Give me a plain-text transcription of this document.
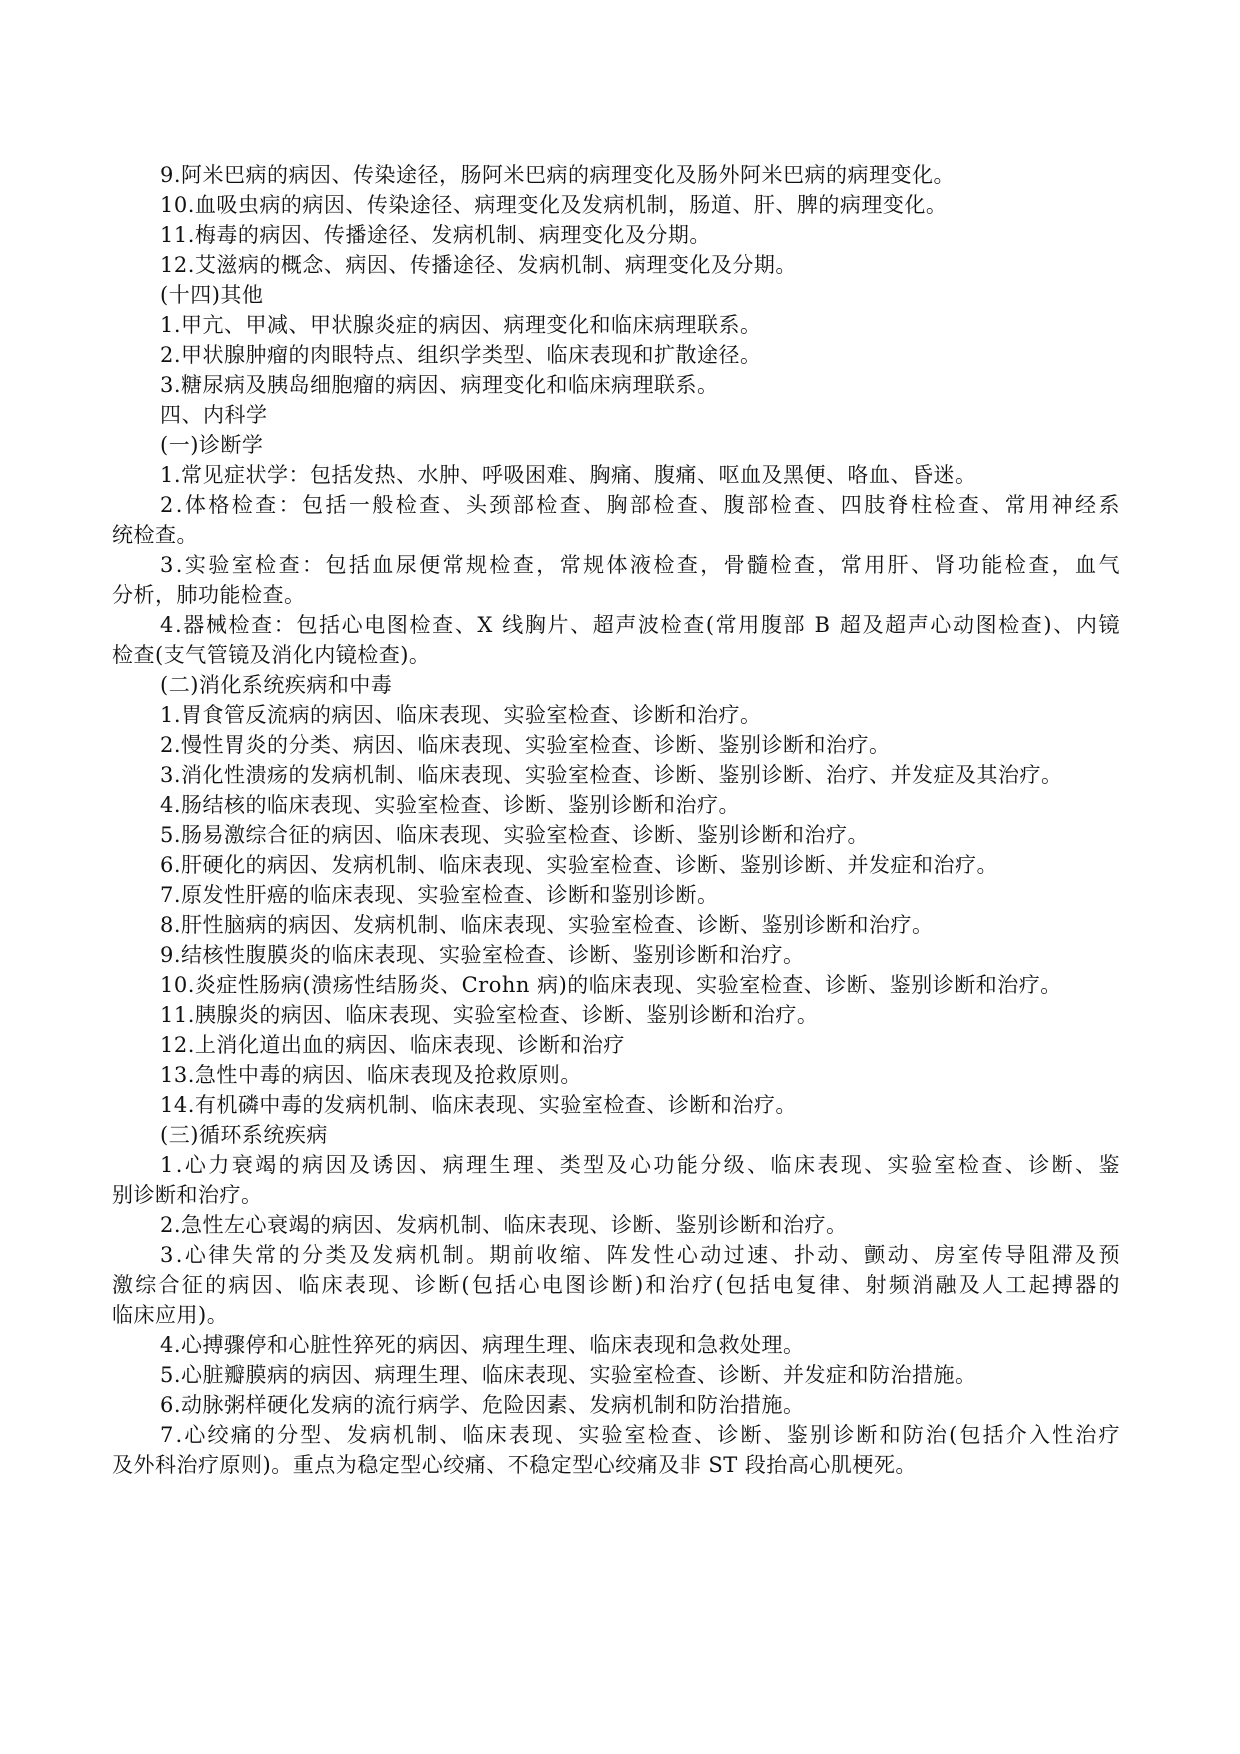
9.阿米巴病的病因、传染途径，肠阿米巴病的病理变化及肠外阿米巴病的病理变化。
10.血吸虫病的病因、传染途径、病理变化及发病机制，肠道、肝、脾的病理变化。
11.梅毒的病因、传播途径、发病机制、病理变化及分期。
12.艾滋病的概念、病因、传播途径、发病机制、病理变化及分期。
(十四)其他
1.甲亢、甲减、甲状腺炎症的病因、病理变化和临床病理联系。
2.甲状腺肿瘤的肉眼特点、组织学类型、临床表现和扩散途径。
3.糖尿病及胰岛细胞瘤的病因、病理变化和临床病理联系。
四、内科学
(一)诊断学
1.常见症状学：包括发热、水肿、呼吸困难、胸痛、腹痛、呕血及黑便、咯血、昏迷。
2.体格检查：包括一般检查、头颈部检查、胸部检查、腹部检查、四肢脊柱检查、常用神经系
统检查。
3.实验室检查：包括血尿便常规检查，常规体液检查，骨髓检查，常用肝、肾功能检查，血气
分析，肺功能检查。
4.器械检查：包括心电图检查、X 线胸片、超声波检查(常用腹部 B 超及超声心动图检查)、内镜
检查(支气管镜及消化内镜检查)。
(二)消化系统疾病和中毒
1.胃食管反流病的病因、临床表现、实验室检查、诊断和治疗。
2.慢性胃炎的分类、病因、临床表现、实验室检查、诊断、鉴别诊断和治疗。
3.消化性溃疡的发病机制、临床表现、实验室检查、诊断、鉴别诊断、治疗、并发症及其治疗。
4.肠结核的临床表现、实验室检查、诊断、鉴别诊断和治疗。
5.肠易激综合征的病因、临床表现、实验室检查、诊断、鉴别诊断和治疗。
6.肝硬化的病因、发病机制、临床表现、实验室检查、诊断、鉴别诊断、并发症和治疗。
7.原发性肝癌的临床表现、实验室检查、诊断和鉴别诊断。
8.肝性脑病的病因、发病机制、临床表现、实验室检查、诊断、鉴别诊断和治疗。
9.结核性腹膜炎的临床表现、实验室检查、诊断、鉴别诊断和治疗。
10.炎症性肠病(溃疡性结肠炎、Crohn 病)的临床表现、实验室检查、诊断、鉴别诊断和治疗。
11.胰腺炎的病因、临床表现、实验室检查、诊断、鉴别诊断和治疗。
12.上消化道出血的病因、临床表现、诊断和治疗
13.急性中毒的病因、临床表现及抢救原则。
14.有机磷中毒的发病机制、临床表现、实验室检查、诊断和治疗。
(三)循环系统疾病
1.心力衰竭的病因及诱因、病理生理、类型及心功能分级、临床表现、实验室检查、诊断、鉴
别诊断和治疗。
2.急性左心衰竭的病因、发病机制、临床表现、诊断、鉴别诊断和治疗。
3.心律失常的分类及发病机制。期前收缩、阵发性心动过速、扑动、颤动、房室传导阻滞及预
激综合征的病因、临床表现、诊断(包括心电图诊断)和治疗(包括电复律、射频消融及人工起搏器的
临床应用)。
4.心搏骤停和心脏性猝死的病因、病理生理、临床表现和急救处理。
5.心脏瓣膜病的病因、病理生理、临床表现、实验室检查、诊断、并发症和防治措施。
6.动脉粥样硬化发病的流行病学、危险因素、发病机制和防治措施。
7.心绞痛的分型、发病机制、临床表现、实验室检查、诊断、鉴别诊断和防治(包括介入性治疗
及外科治疗原则)。重点为稳定型心绞痛、不稳定型心绞痛及非 ST 段抬高心肌梗死。
